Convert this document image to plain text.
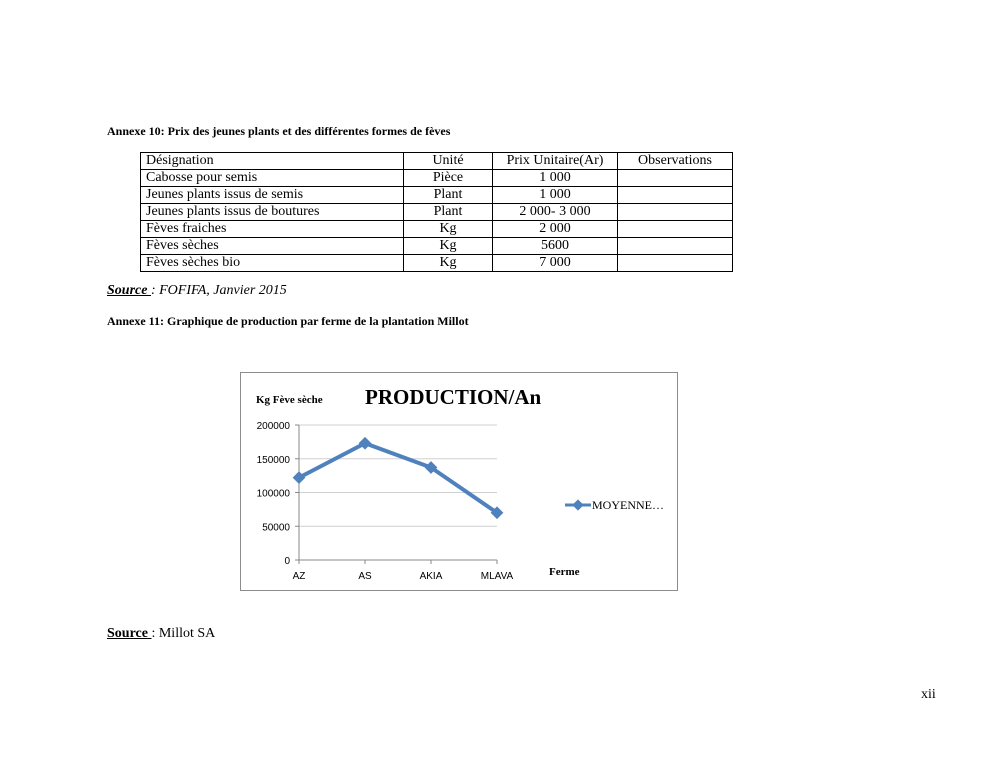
Annexe 10: Prix des jeunes plants et des différentes formes de fèves
Désignation	Unité	Prix Unitaire(Ar)	Observations
Cabosse pour semis	Pièce	1 000	
Jeunes plants issus de semis	Plant	1 000	
Jeunes plants issus de boutures	Plant	2 000- 3 000	
Fèves fraiches	Kg	2 000	
Fèves sèches	Kg	5600	
Fèves sèches bio	Kg	7 000	
Source : FOFIFA, Janvier 2015
Annexe 11: Graphique de production par ferme de la plantation Millot
0
50000
100000
150000
200000
AZ	AS	AKIA	MLAVA
PRODUCTION/An
Kg Fève sèche
Ferme
MOYENNE…
Source : Millot SA
xii
